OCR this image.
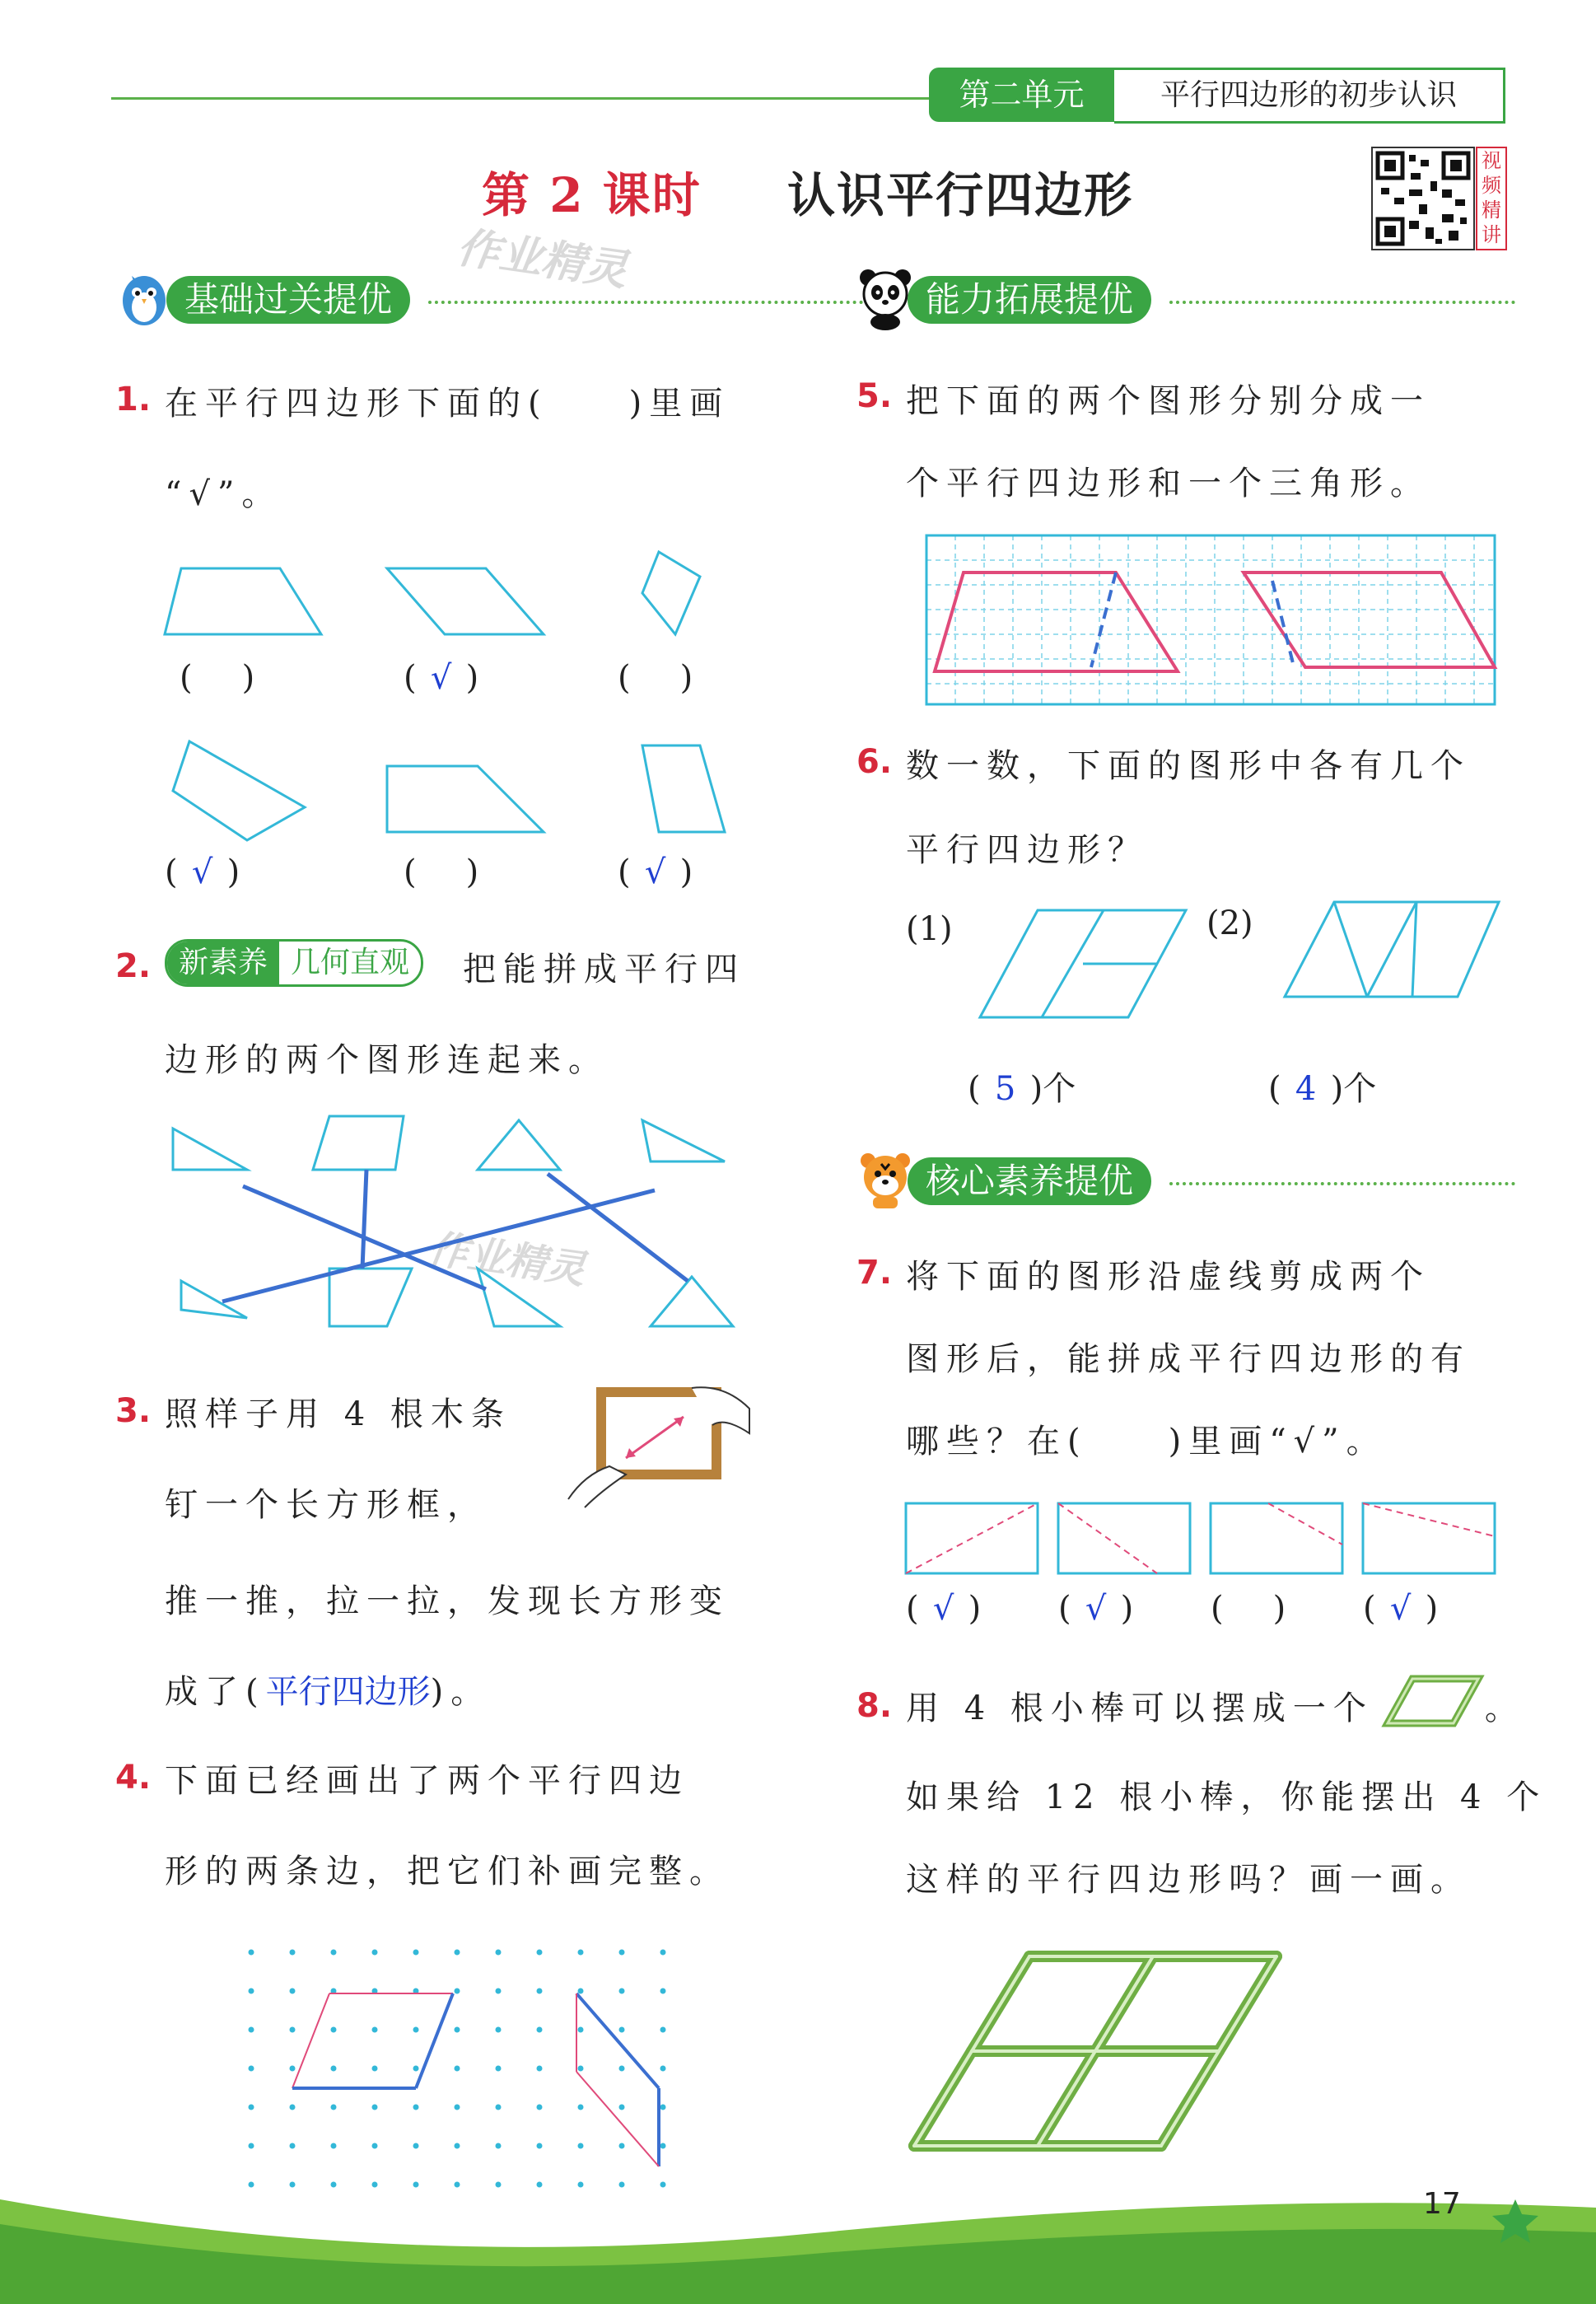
第二单元	平行四边形的初步认识
第 2 课时 认识平行四边形
视频精讲
作业精灵
作业精灵
基础过关提优	能力拓展提优
核心素养提优
1. 在平行四边形下面的(　　)里画
“√”。
( )	( √ )	( )
( √ )	( )	( √ )
2. 新素养 几何直观	把能拼成平行四
边形的两个图形连起来。
3. 照样子用 4 根木条
钉一个长方形框，
推一推，拉一拉，发现长方形变
成了(平行四边形)。
4. 下面已经画出了两个平行四边
形的两条边，把它们补画完整。
5. 把下面的两个图形分别分成一
个平行四边形和一个三角形。
6. 数一数，下面的图形中各有几个
平行四边形？
(1)	(2)
( 5 )个	( 4 )个
7. 将下面的图形沿虚线剪成两个
图形后，能拼成平行四边形的有
哪些？在(　　)里画“√”。
( √ ) ( √ ) ( ) ( √ )
8. 用 4 根小棒可以摆成一个	。
如果给 12 根小棒，你能摆出 4 个
这样的平行四边形吗？画一画。
17
